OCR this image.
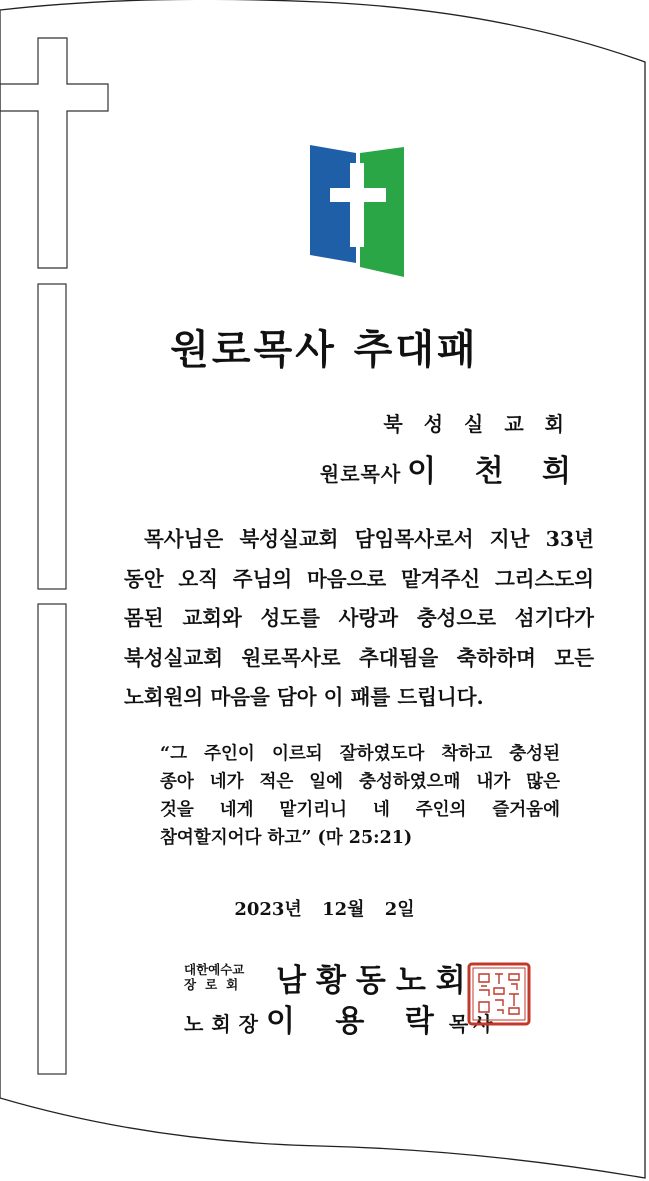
원로목사 추대패
북성실교회
원로목사 이 천 희
목사님은 북성실교회 담임목사로서 지난 33년
동안 오직 주님의 마음으로 맡겨주신 그리스도의
몸된 교회와 성도를 사랑과 충성으로 섬기다가
북성실교회 원로목사로 추대됨을 축하하며 모든
노회원의 마음을 담아 이 패를 드립니다.
“그 주인이 이르되 잘하였도다 착하고 충성된
종아 네가 적은 일에 충성하였으매 내가 많은
것을 네게 맡기리니 네 주인의 즐거움에
참여할지어다 하고” (마 25:21)
2023년 12월 2일
대한예수교
장로회 남황동노회
노회장이 용 락목사
